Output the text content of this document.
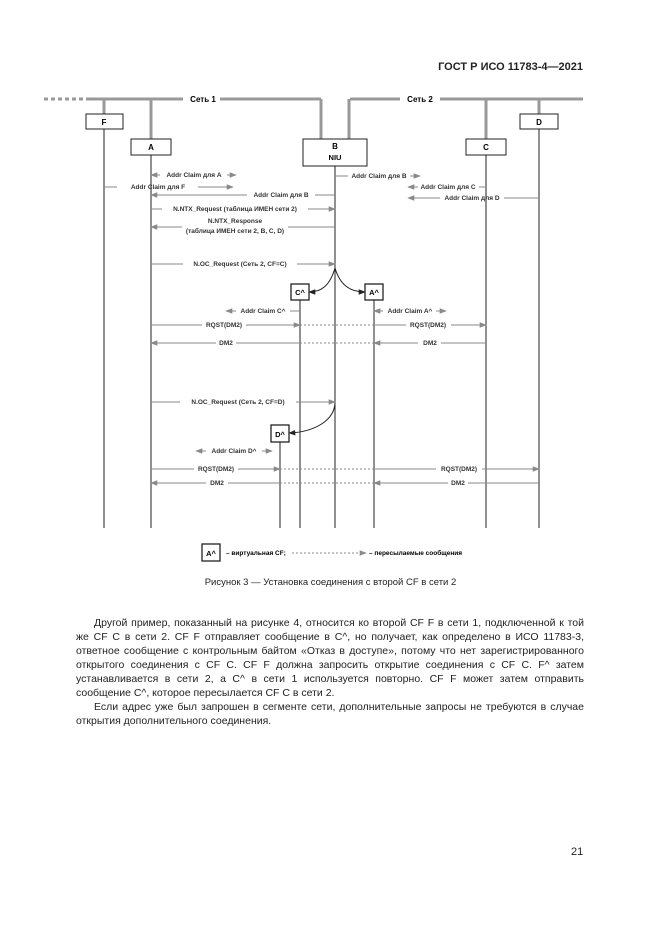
ГОСТ Р ИСО 11783-4—2021
Сеть 1	Сеть 2
F
A	B
NIU
C
D
C^	A^
D^
Addr Claim для A
Addr Claim для F
Addr Claim для B
N.NTX_Request (таблица ИМЕН сети 2)
N.NTX_Response
(таблица ИМЕН сети 2, B, C, D)
N.OC_Request (Сеть 2, CF=C)
Addr Claim для B
Addr Claim для C
Addr Claim для D
Addr Claim C^	Addr Claim A^
RQST(DM2)	RQST(DM2)
DM2	DM2
N.OC_Request (Сеть 2, CF=D)
Addr Claim D^
RQST(DM2)	RQST(DM2)
DM2	DM2
A^ – виртуальная CF;	– пересылаемые сообщения
Рисунок 3 — Установка соединения с второй CF в сети 2

Другой пример, показанный на рисунке 4, относится ко второй CF F в сети 1, подключенной к той же CF C в сети 2. CF F отправляет сообщение в C^, но получает, как определено в ИСО 11783-3, ответное сообщение с контрольным байтом «Отказ в доступе», потому что нет зарегистрированного открытого соединения с CF C. CF F должна запросить открытие соединения с CF C. F^ затем устанавливается в сети 2, а C^ в сети 1 используется повторно. CF F может затем отправить сообщение C^, которое пересылается CF C в сети 2.

Если адрес уже был запрошен в сегменте сети, дополнительные запросы не требуются в случае открытия дополнительного соединения.

21
